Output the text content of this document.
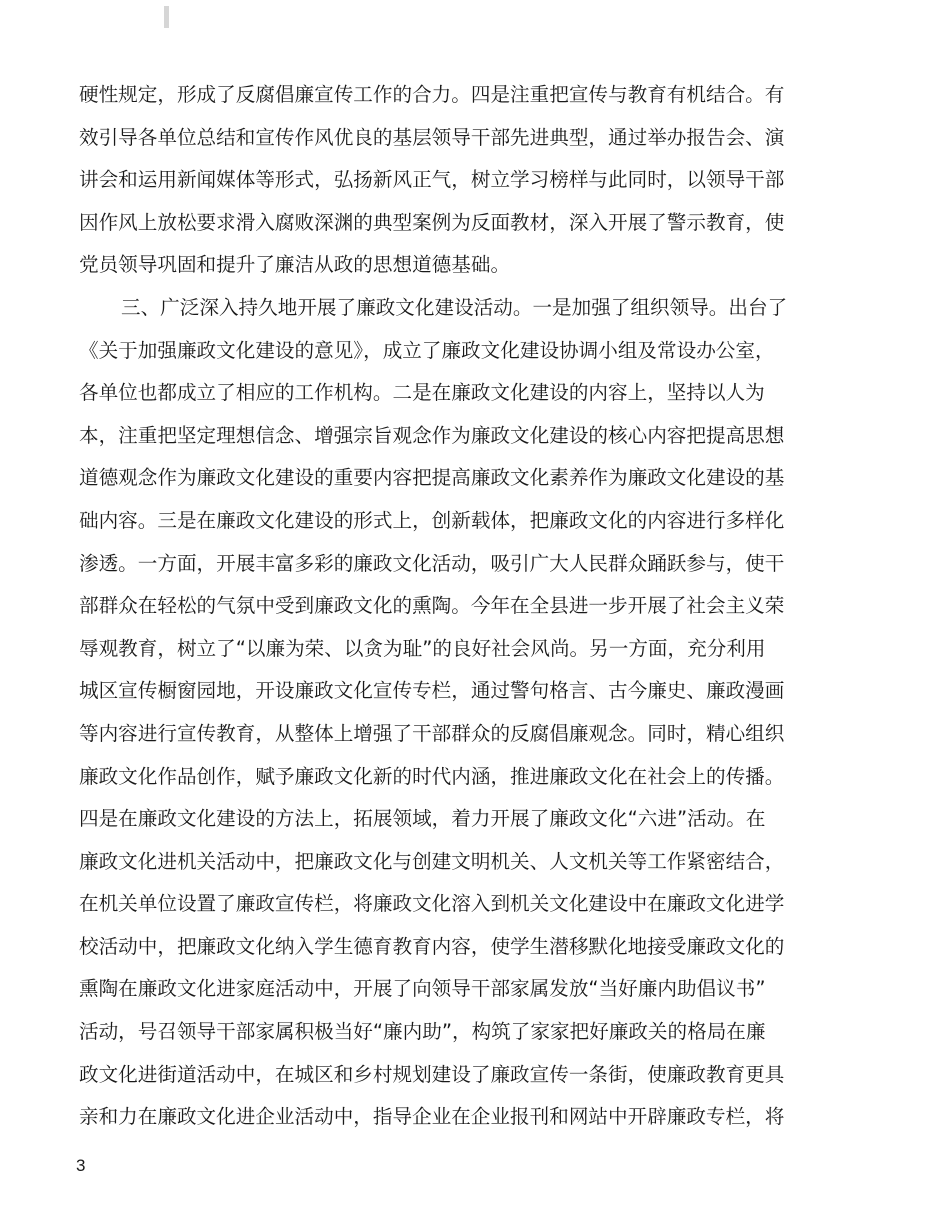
硬性规定，形成了反腐倡廉宣传工作的合力。四是注重把宣传与教育有机结合。有
效引导各单位总结和宣传作风优良的基层领导干部先进典型，通过举办报告会、演
讲会和运用新闻媒体等形式，弘扬新风正气，树立学习榜样与此同时，以领导干部
因作风上放松要求滑入腐败深渊的典型案例为反面教材，深入开展了警示教育，使
党员领导巩固和提升了廉洁从政的思想道德基础。
三、广泛深入持久地开展了廉政文化建设活动。一是加强了组织领导。出台了
《关于加强廉政文化建设的意见》，成立了廉政文化建设协调小组及常设办公室，
各单位也都成立了相应的工作机构。二是在廉政文化建设的内容上，坚持以人为
本，注重把坚定理想信念、增强宗旨观念作为廉政文化建设的核心内容把提高思想
道德观念作为廉政文化建设的重要内容把提高廉政文化素养作为廉政文化建设的基
础内容。三是在廉政文化建设的形式上，创新载体，把廉政文化的内容进行多样化
渗透。一方面，开展丰富多彩的廉政文化活动，吸引广大人民群众踊跃参与，使干
部群众在轻松的气氛中受到廉政文化的熏陶。今年在全县进一步开展了社会主义荣
辱观教育，树立了“以廉为荣、以贪为耻”的良好社会风尚。另一方面，充分利用
城区宣传橱窗园地，开设廉政文化宣传专栏，通过警句格言、古今廉史、廉政漫画
等内容进行宣传教育，从整体上增强了干部群众的反腐倡廉观念。同时，精心组织
廉政文化作品创作，赋予廉政文化新的时代内涵，推进廉政文化在社会上的传播。
四是在廉政文化建设的方法上，拓展领域，着力开展了廉政文化“六进”活动。在
廉政文化进机关活动中，把廉政文化与创建文明机关、人文机关等工作紧密结合，
在机关单位设置了廉政宣传栏，将廉政文化溶入到机关文化建设中在廉政文化进学
校活动中，把廉政文化纳入学生德育教育内容，使学生潜移默化地接受廉政文化的
熏陶在廉政文化进家庭活动中，开展了向领导干部家属发放“当好廉内助倡议书”
活动，号召领导干部家属积极当好“廉内助”，构筑了家家把好廉政关的格局在廉
政文化进街道活动中，在城区和乡村规划建设了廉政宣传一条街，使廉政教育更具
亲和力在廉政文化进企业活动中，指导企业在企业报刊和网站中开辟廉政专栏，将
3
